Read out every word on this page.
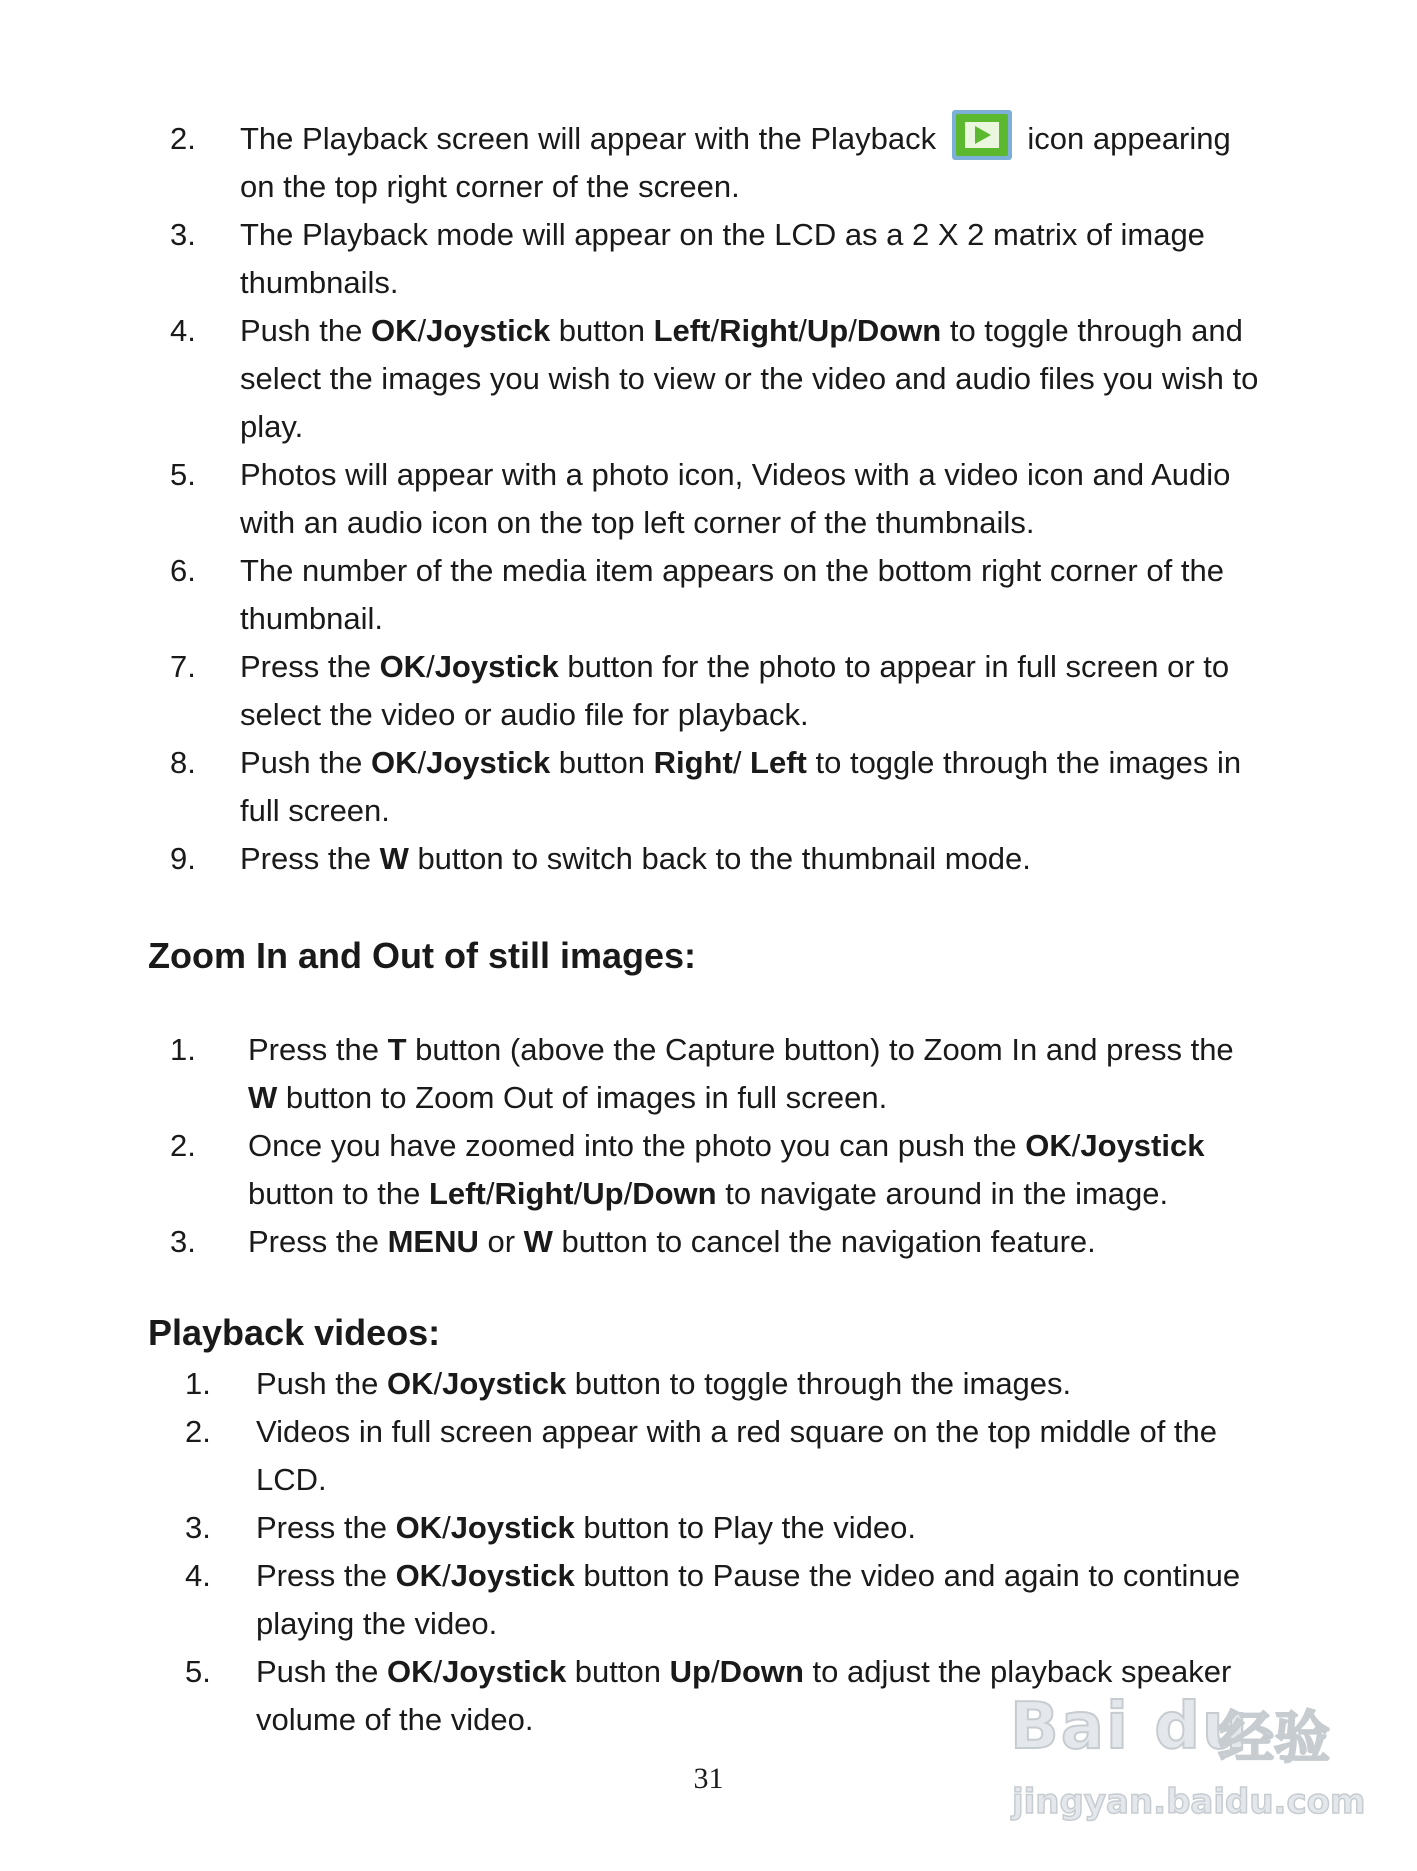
2. The Playback screen will appear with the Playback  icon appearing
on the top right corner of the screen.
3. The Playback mode will appear on the LCD as a 2 X 2 matrix of image
thumbnails.
4. Push the OK/Joystick button Left/Right/Up/Down to toggle through and
select the images you wish to view or the video and audio files you wish to
play.
5. Photos will appear with a photo icon, Videos with a video icon and Audio
with an audio icon on the top left corner of the thumbnails.
6. The number of the media item appears on the bottom right corner of the
thumbnail.
7. Press the OK/Joystick button for the photo to appear in full screen or to
select the video or audio file for playback.
8. Push the OK/Joystick button Right/ Left to toggle through the images in
full screen.
9. Press the W button to switch back to the thumbnail mode.
Zoom In and Out of still images:
1. Press the T button (above the Capture button) to Zoom In and press the
W button to Zoom Out of images in full screen.
2. Once you have zoomed into the photo you can push the OK/Joystick
button to the Left/Right/Up/Down to navigate around in the image.
3. Press the MENU or W button to cancel the navigation feature.
Playback videos:
1. Push the OK/Joystick button to toggle through the images.
2. Videos in full screen appear with a red square on the top middle of the
LCD.
3. Press the OK/Joystick button to Play the video.
4. Press the OK/Joystick button to Pause the video and again to continue
playing the video.
5. Push the OK/Joystick button Up/Down to adjust the playback speaker
volume of the video.
31
Bai du
经验
jingyan.baidu.com
